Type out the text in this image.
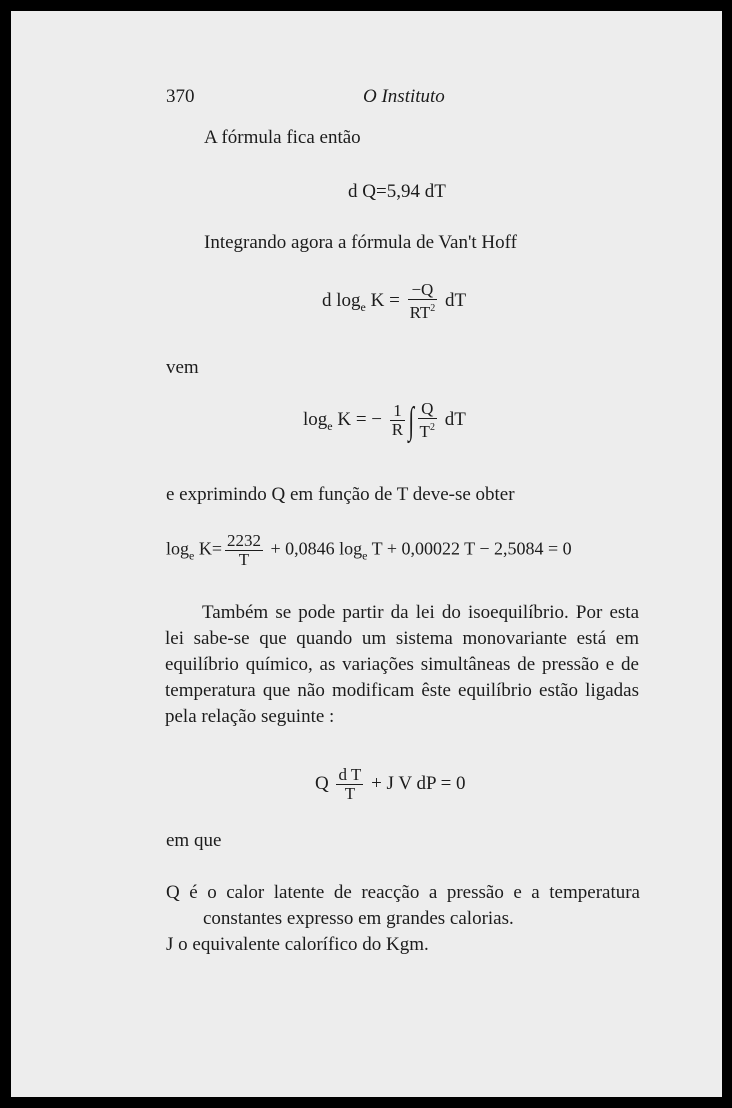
370	O Instituto
A fórmula fica então
d Q=5,94 dT
Integrando agora a fórmula de Van't Hoff
d $\log_e K = \frac{-Q}{RT^2}$ dT
vem
$\log_e K$ = − $\frac{1}{R}$ ∫ $\frac{Q}{T^2}$ dT
e exprimindo Q em função de T deve-se obter
$\log_e K= \frac{2232}{T} + 0,0846$ $\log_e T + 0,00022$ T − 2,5084 = 0

Também se pode partir da lei do isoequilíbrio. Por esta lei sabe-se que quando um sistema monovariante está em equilíbrio químico, as variações simultâneas de pressão e de temperatura que não modificam êste equilíbrio estão ligadas pela relação seguinte :

Q $\frac{\text{d T}}{T} + J$ V dP = 0
em que

Q é o calor latente de reacção a pressão e a temperatura constantes expresso em grandes calorias.

J o equivalente calorífico do Kgm.
